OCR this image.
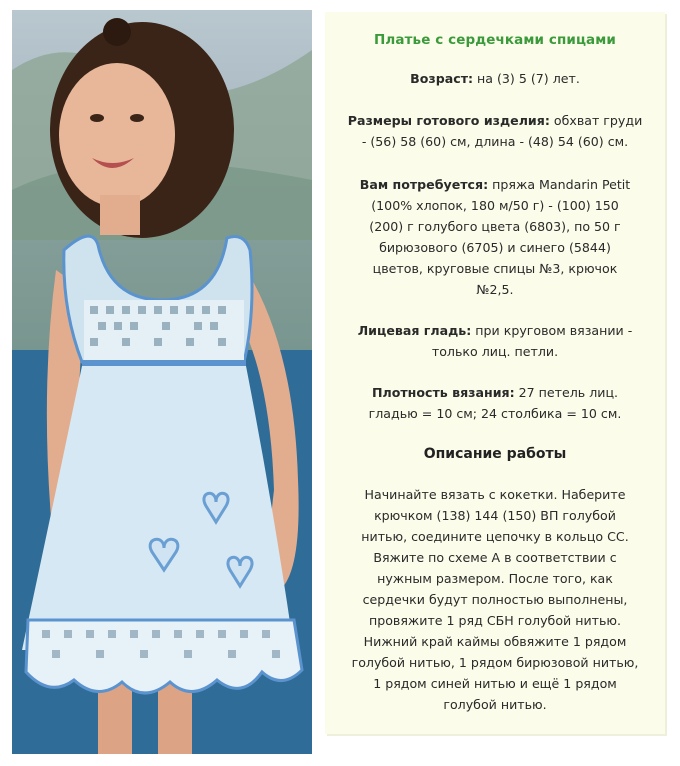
Платье с сердечками спицами
Возраст: на (3) 5 (7) лет.
Размеры готового изделия: обхват груди
- (56) 58 (60) см, длина - (48) 54 (60) см.
Вам потребуется: пряжа Mandarin Petit
(100% хлопок, 180 м/50 г) - (100) 150
(200) г голубого цвета (6803), по 50 г
бирюзового (6705) и синего (5844)
цветов, круговые спицы №3, крючок
№2,5.
Лицевая гладь: при круговом вязании -
только лиц. петли.
Плотность вязания: 27 петель лиц.
гладью = 10 см; 24 столбика = 10 см.
Описание работы
Начинайте вязать с кокетки. Наберите
крючком (138) 144 (150) ВП голубой
нитью, соедините цепочку в кольцо СС.
Вяжите по схеме А в соответствии с
нужным размером. После того, как
сердечки будут полностью выполнены,
провяжите 1 ряд СБН голубой нитью.
Нижний край каймы обвяжите 1 рядом
голубой нитью, 1 рядом бирюзовой нитью,
1 рядом синей нитью и ещё 1 рядом
голубой нитью.
